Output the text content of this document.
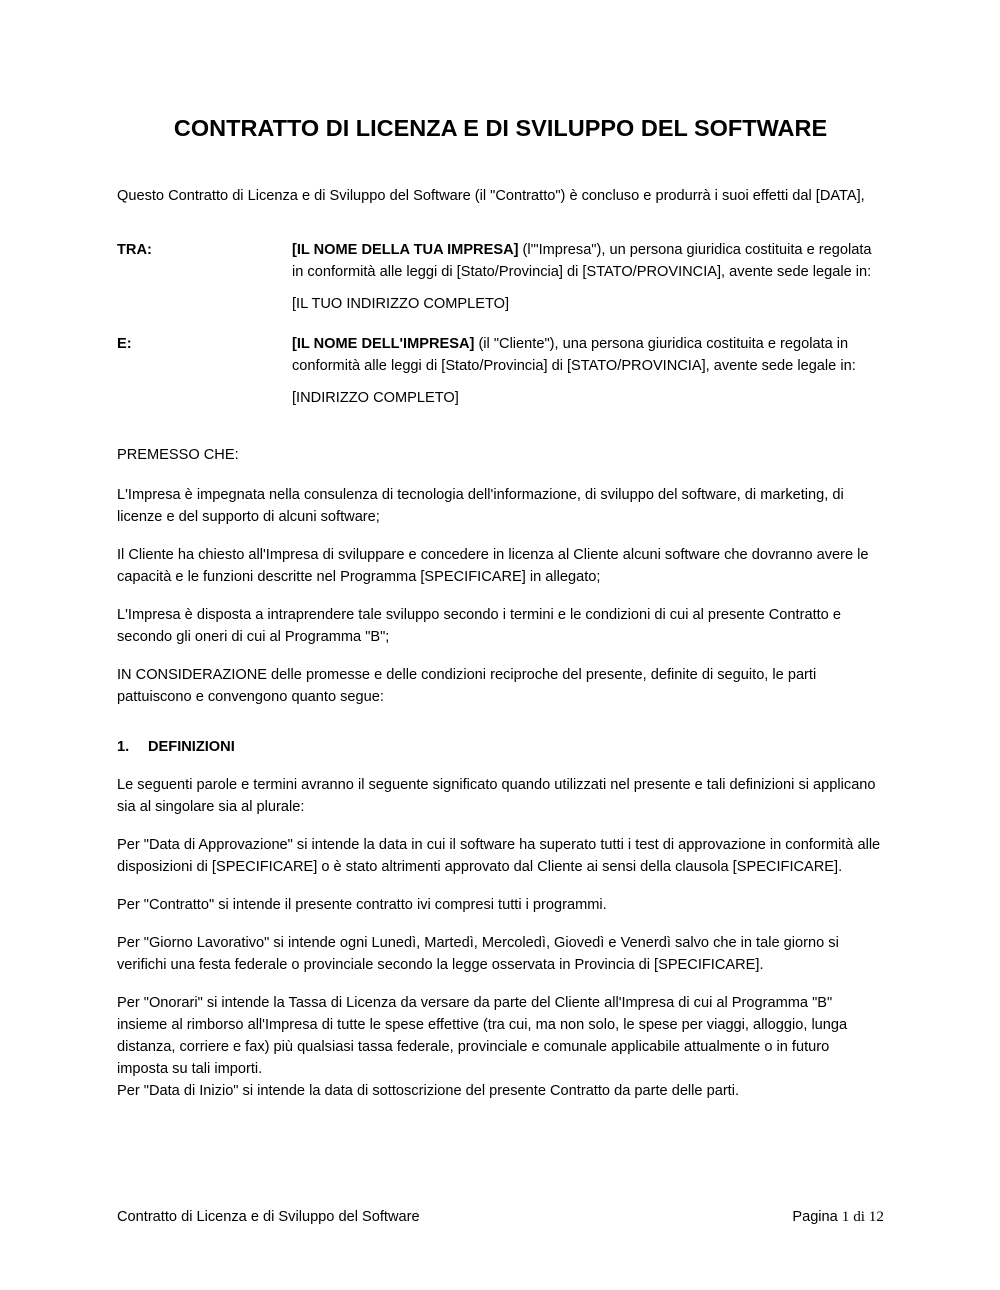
CONTRATTO DI LICENZA E DI SVILUPPO DEL SOFTWARE

Questo Contratto di Licenza e di Sviluppo del Software (il "Contratto") è concluso e produrrà i suoi effetti dal [DATA],

TRA:	[IL NOME DELLA TUA IMPRESA] (l'"Impresa"), un persona giuridica costituita e regolata in conformità alle leggi di [Stato/Provincia] di [STATO/PROVINCIA], avente sede legale in:

[IL TUO INDIRIZZO COMPLETO]

E:	[IL NOME DELL'IMPRESA] (il "Cliente"), una persona giuridica costituita e regolata in conformità alle leggi di [Stato/Provincia] di [STATO/PROVINCIA], avente sede legale in:

[INDIRIZZO COMPLETO]

PREMESSO CHE:

L'Impresa è impegnata nella consulenza di tecnologia dell'informazione, di sviluppo del software, di marketing, di licenze e del supporto di alcuni software;

Il Cliente ha chiesto all'Impresa di sviluppare e concedere in licenza al Cliente alcuni software che dovranno avere le capacità e le funzioni descritte nel Programma [SPECIFICARE] in allegato;

L'Impresa è disposta a intraprendere tale sviluppo secondo i termini e le condizioni di cui al presente Contratto e secondo gli oneri di cui al Programma "B";

IN CONSIDERAZIONE delle promesse e delle condizioni reciproche del presente, definite di seguito, le parti pattuiscono e convengono quanto segue:

1. DEFINIZIONI

Le seguenti parole e termini avranno il seguente significato quando utilizzati nel presente e tali definizioni si applicano sia al singolare sia al plurale:

Per "Data di Approvazione" si intende la data in cui il software ha superato tutti i test di approvazione in conformità alle disposizioni di [SPECIFICARE] o è stato altrimenti approvato dal Cliente ai sensi della clausola [SPECIFICARE].

Per "Contratto" si intende il presente contratto ivi compresi tutti i programmi.

Per "Giorno Lavorativo" si intende ogni Lunedì, Martedì, Mercoledì, Giovedì e Venerdì salvo che in tale giorno si verifichi una festa federale o provinciale secondo la legge osservata in Provincia di [SPECIFICARE].

Per "Onorari" si intende la Tassa di Licenza da versare da parte del Cliente all'Impresa di cui al Programma "B" insieme al rimborso all'Impresa di tutte le spese effettive (tra cui, ma non solo, le spese per viaggi, alloggio, lunga distanza, corriere e fax) più qualsiasi tassa federale, provinciale e comunale applicabile attualmente o in futuro imposta su tali importi.

Per "Data di Inizio" si intende la data di sottoscrizione del presente Contratto da parte delle parti.

Contratto di Licenza e di Sviluppo del Software	Pagina 1 di 12
